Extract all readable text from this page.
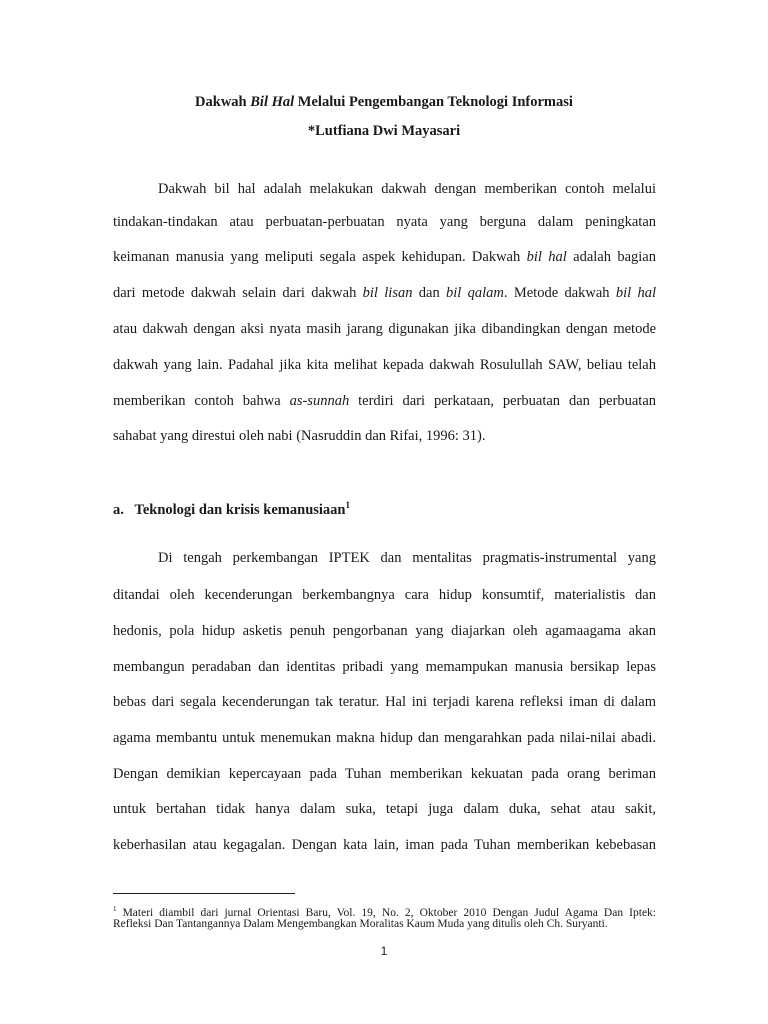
Dakwah Bil Hal Melalui Pengembangan Teknologi Informasi
*Lutfiana Dwi Mayasari
Dakwah bil hal adalah melakukan dakwah dengan memberikan contoh melalui
tindakan-tindakan atau perbuatan-perbuatan nyata yang berguna dalam peningkatan
keimanan manusia yang meliputi segala aspek kehidupan. Dakwah bil hal adalah bagian
dari metode dakwah selain dari dakwah bil lisan dan bil qalam. Metode dakwah bil hal
atau dakwah dengan aksi nyata masih jarang digunakan jika dibandingkan dengan metode
dakwah yang lain. Padahal jika kita melihat kepada dakwah Rosulullah SAW, beliau telah
memberikan contoh bahwa as-sunnah terdiri dari perkataan, perbuatan dan perbuatan
sahabat yang direstui oleh nabi (Nasruddin dan Rifai, 1996: 31).
a. Teknologi dan krisis kemanusiaan$^1$
Di tengah perkembangan IPTEK dan mentalitas pragmatis-instrumental yang
ditandai oleh kecenderungan berkembangnya cara hidup konsumtif, materialistis dan
hedonis, pola hidup asketis penuh pengorbanan yang diajarkan oleh agamaagama akan
membangun peradaban dan identitas pribadi yang memampukan manusia bersikap lepas
bebas dari segala kecenderungan tak teratur. Hal ini terjadi karena refleksi iman di dalam
agama membantu untuk menemukan makna hidup dan mengarahkan pada nilai-nilai abadi.
Dengan demikian kepercayaan pada Tuhan memberikan kekuatan pada orang beriman
untuk bertahan tidak hanya dalam suka, tetapi juga dalam duka, sehat atau sakit,
keberhasilan atau kegagalan. Dengan kata lain, iman pada Tuhan memberikan kebebasan
$^1$ Materi diambil dari jurnal Orientasi Baru, Vol. 19, No. 2, Oktober 2010 Dengan Judul Agama Dan Iptek:
Refleksi Dan Tantangannya Dalam Mengembangkan Moralitas Kaum Muda yang ditulis oleh Ch. Suryanti.
1
